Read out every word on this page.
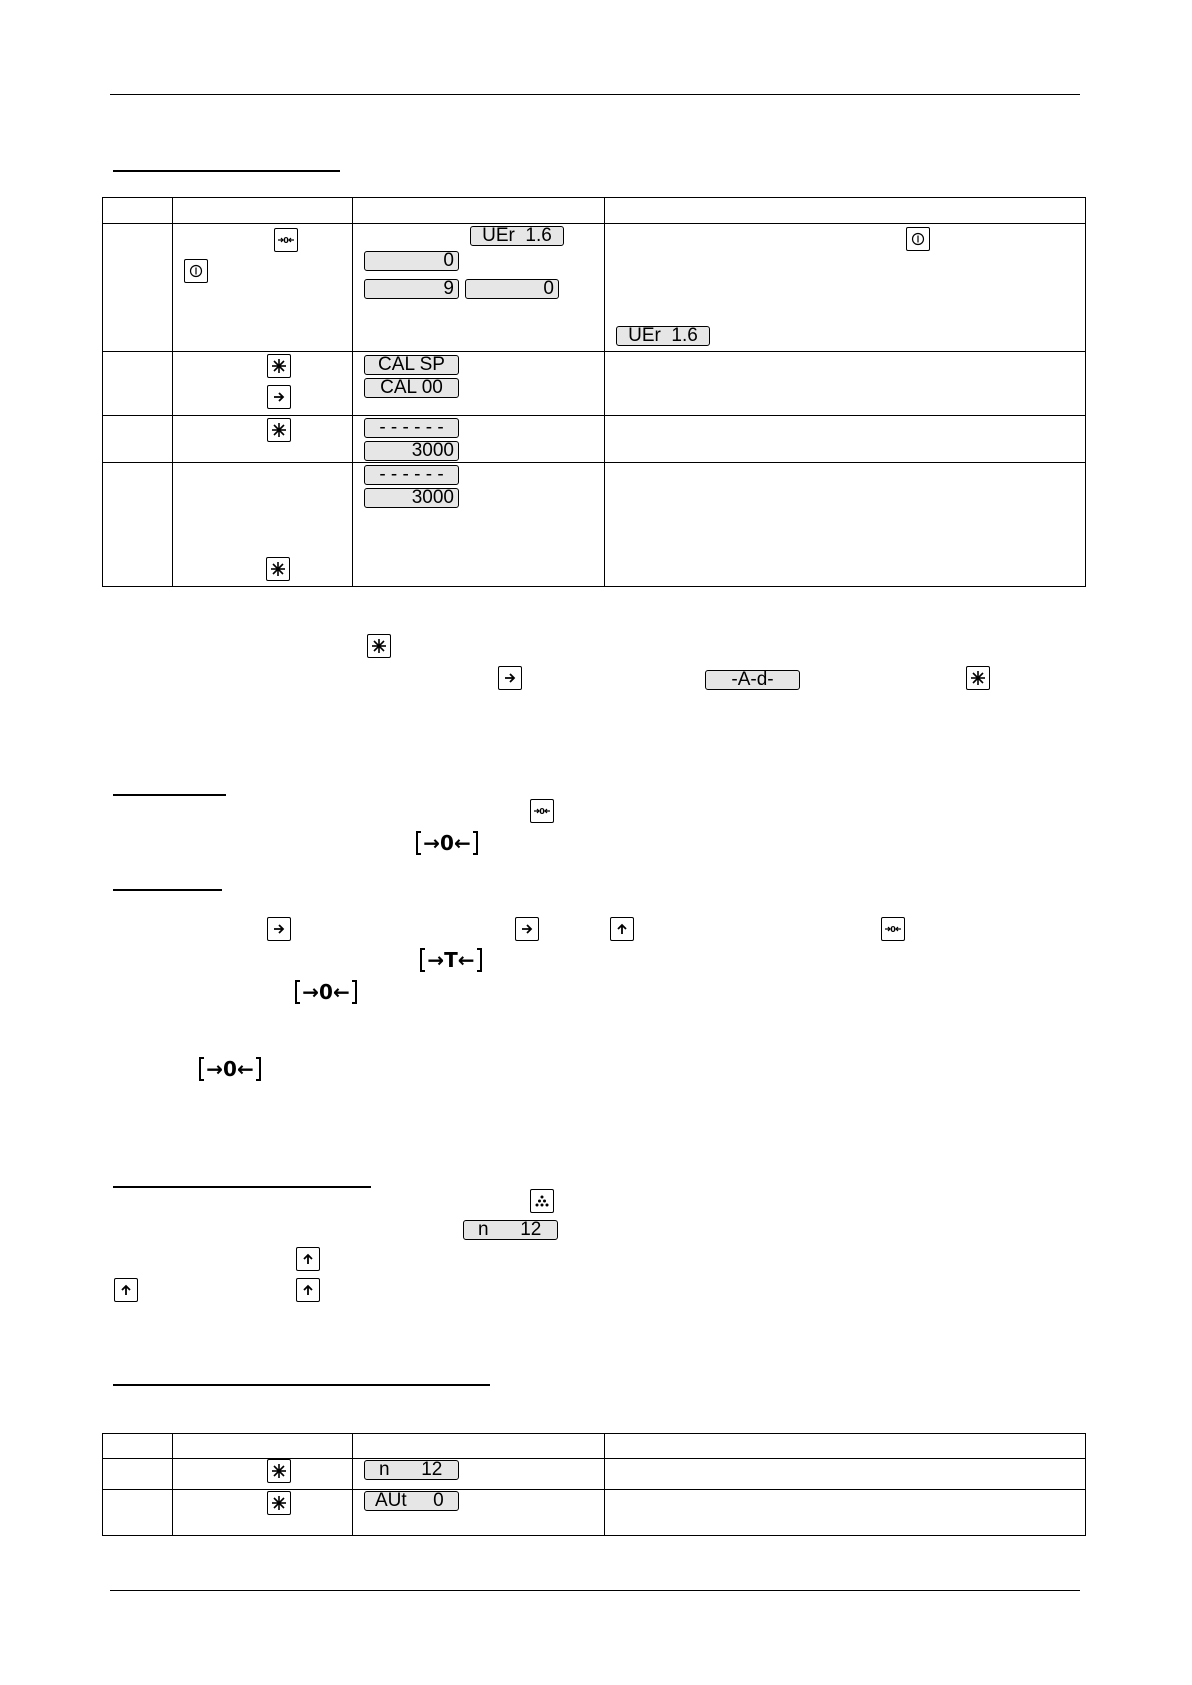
0	UEr  1.6
0
9	0
UEr  1.6
CAL SP
CAL 00
- - - - - -
3000
- - - - - -
3000
-A-d-
0
→0←
0
→T←
→0←
→0←
n      12
n      12
AUt     0
